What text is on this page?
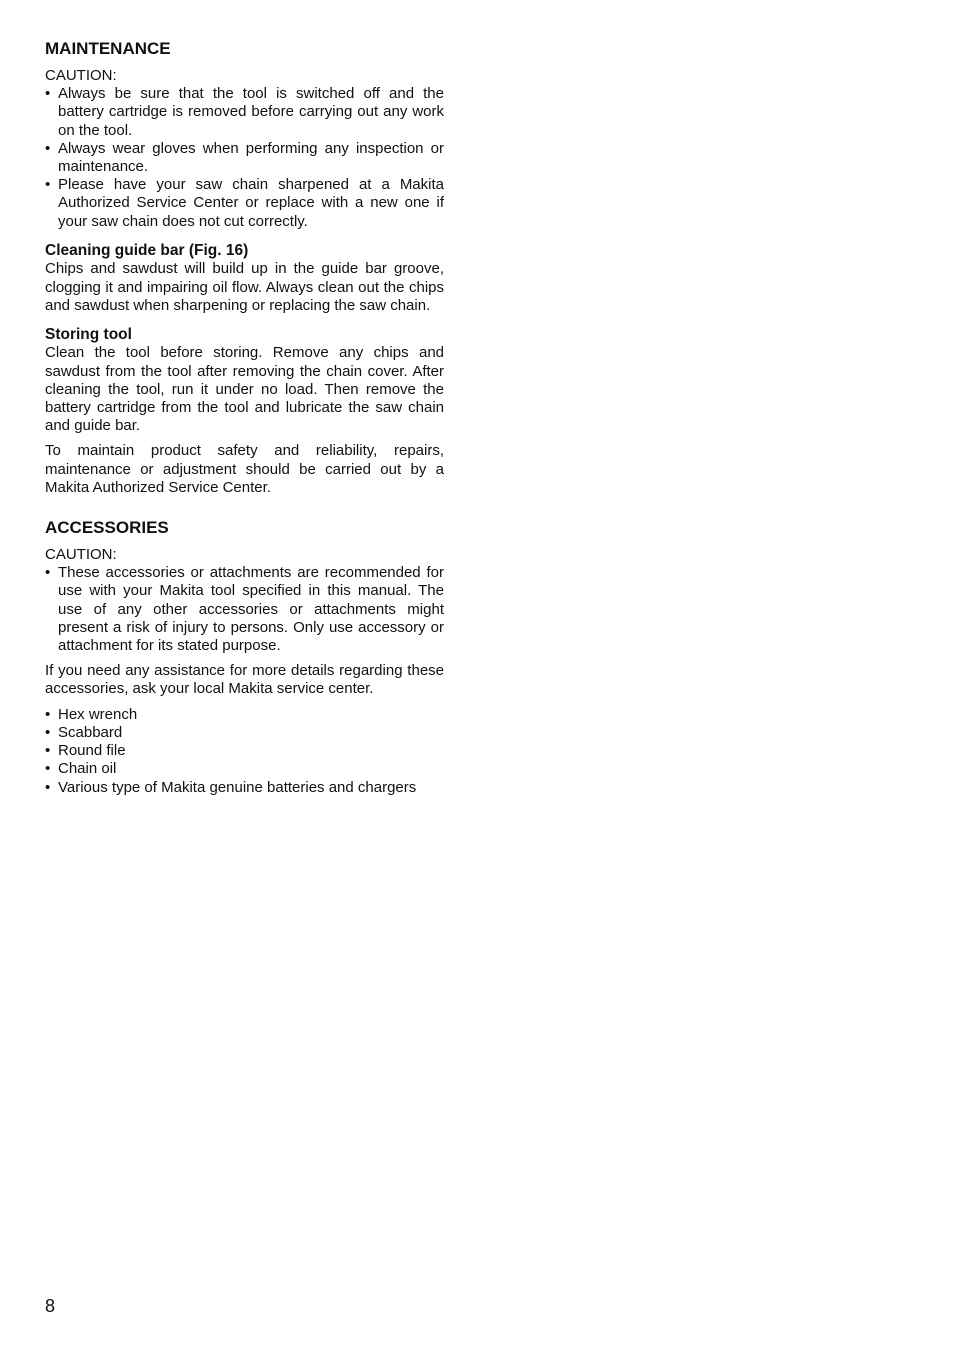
MAINTENANCE

CAUTION:

• Always be sure that the tool is switched off and the battery cartridge is removed before carrying out any work on the tool.
• Always wear gloves when performing any inspection or maintenance.
• Please have your saw chain sharpened at a Makita Authorized Service Center or replace with a new one if your saw chain does not cut correctly.
Cleaning guide bar (Fig. 16)

Chips and sawdust will build up in the guide bar groove, clogging it and impairing oil flow. Always clean out the chips and sawdust when sharpening or replacing the saw chain.

Storing tool

Clean the tool before storing. Remove any chips and sawdust from the tool after removing the chain cover. After cleaning the tool, run it under no load. Then remove the battery cartridge from the tool and lubricate the saw chain and guide bar.

To maintain product safety and reliability, repairs, maintenance or adjustment should be carried out by a Makita Authorized Service Center.

ACCESSORIES

CAUTION:

• These accessories or attachments are recommended for use with your Makita tool specified in this manual. The use of any other accessories or attachments might present a risk of injury to persons. Only use accessory or attachment for its stated purpose.

If you need any assistance for more details regarding these accessories, ask your local Makita service center.

• Hex wrench
• Scabbard
• Round file
• Chain oil
• Various type of Makita genuine batteries and chargers
8
